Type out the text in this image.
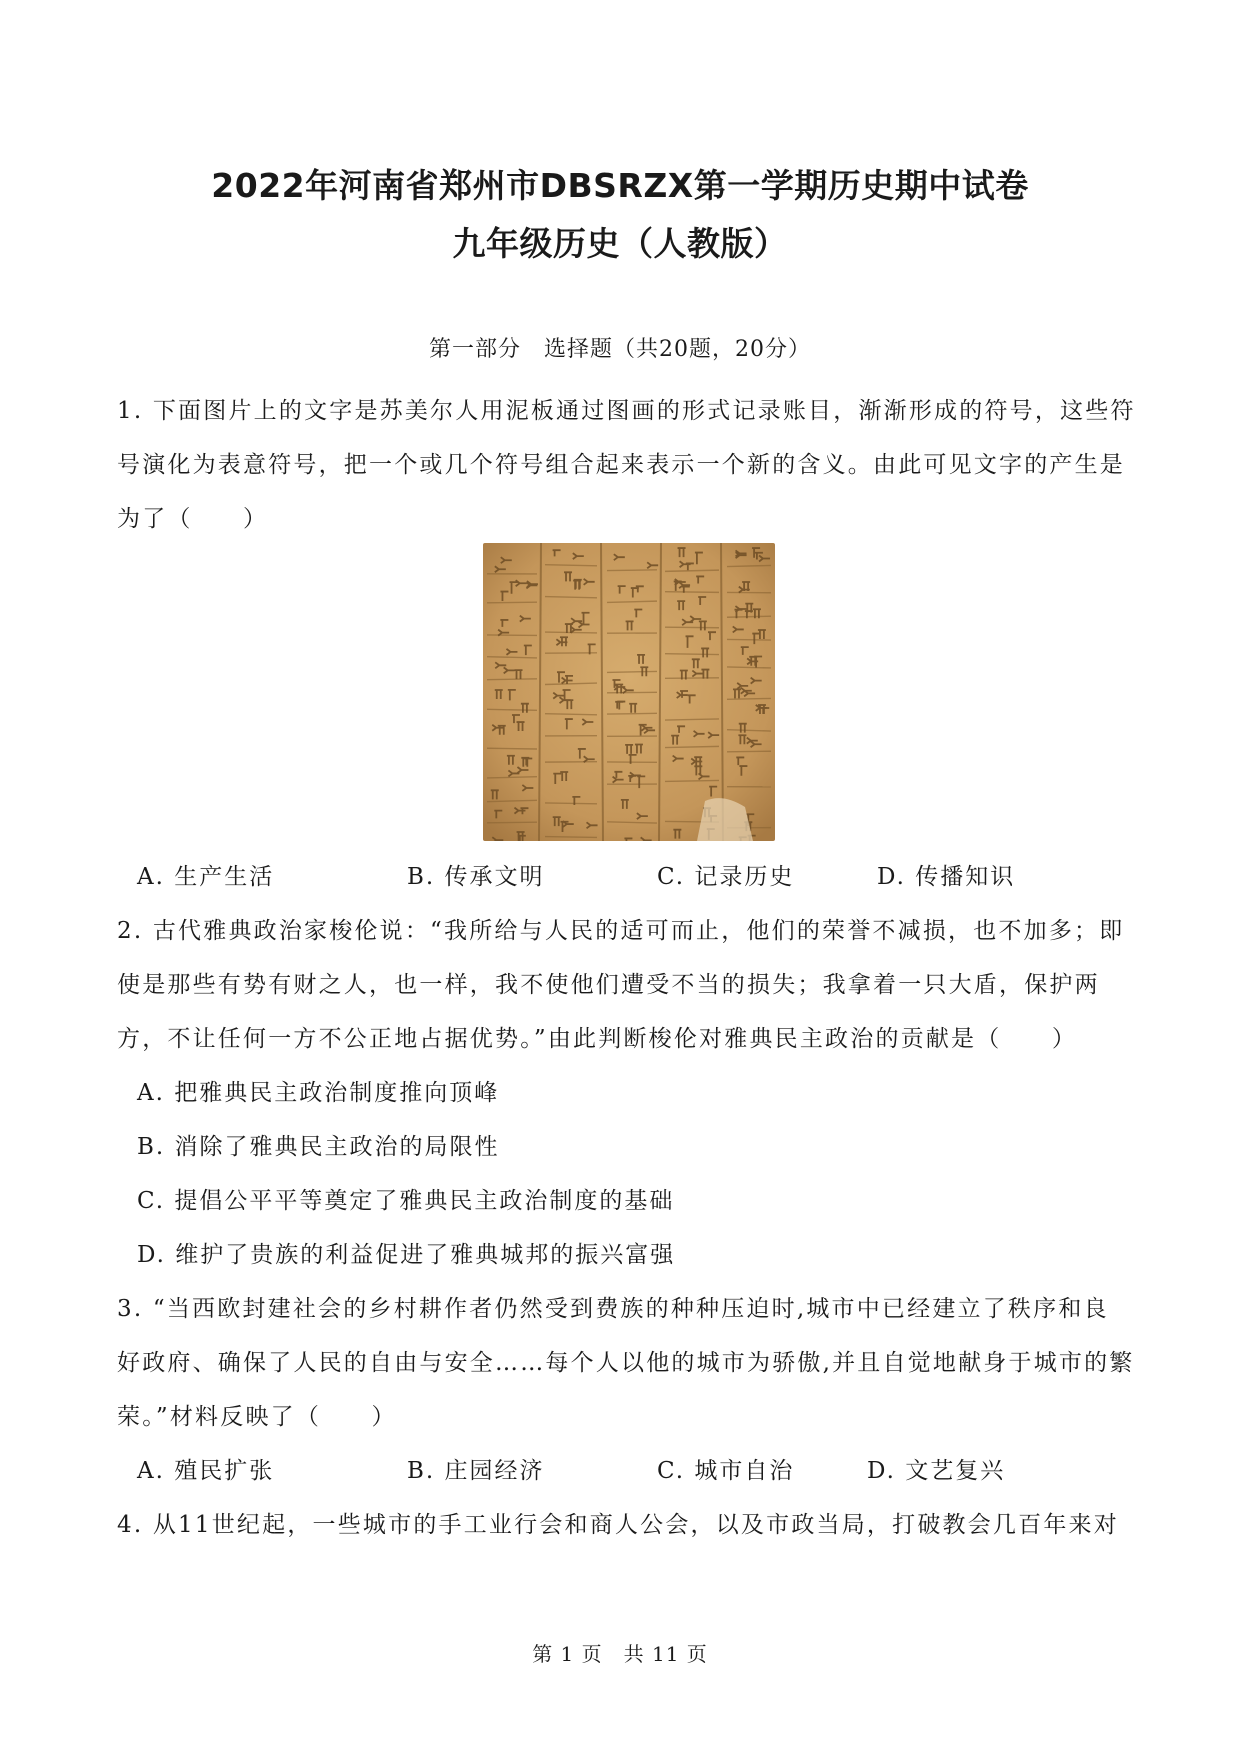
2022年河南省郑州市DBSRZX第一学期历史期中试卷
九年级历史（人教版）
第一部分　选择题（共20题，20分）
1. 下面图片上的文字是苏美尔人用泥板通过图画的形式记录账目，渐渐形成的符号，这些符
号演化为表意符号，把一个或几个符号组合起来表示一个新的含义。由此可见文字的产生是
为了（　　）
A. 生产生活	B. 传承文明	C. 记录历史	D. 传播知识
2. 古代雅典政治家梭伦说：“我所给与人民的适可而止，他们的荣誉不减损，也不加多；即
使是那些有势有财之人，也一样，我不使他们遭受不当的损失；我拿着一只大盾，保护两
方，不让任何一方不公正地占据优势。”由此判断梭伦对雅典民主政治的贡献是（　　）
A. 把雅典民主政治制度推向顶峰
B. 消除了雅典民主政治的局限性
C. 提倡公平平等奠定了雅典民主政治制度的基础
D. 维护了贵族的利益促进了雅典城邦的振兴富强
3. “当西欧封建社会的乡村耕作者仍然受到费族的种种压迫时,城市中已经建立了秩序和良
好政府、确保了人民的自由与安全……每个人以他的城市为骄傲,并且自觉地献身于城市的繁
荣。”材料反映了（　　）
A. 殖民扩张	B. 庄园经济	C. 城市自治	D. 文艺复兴
4. 从11世纪起，一些城市的手工业行会和商人公会，以及市政当局，打破教会几百年来对
第 1 页　共 11 页
